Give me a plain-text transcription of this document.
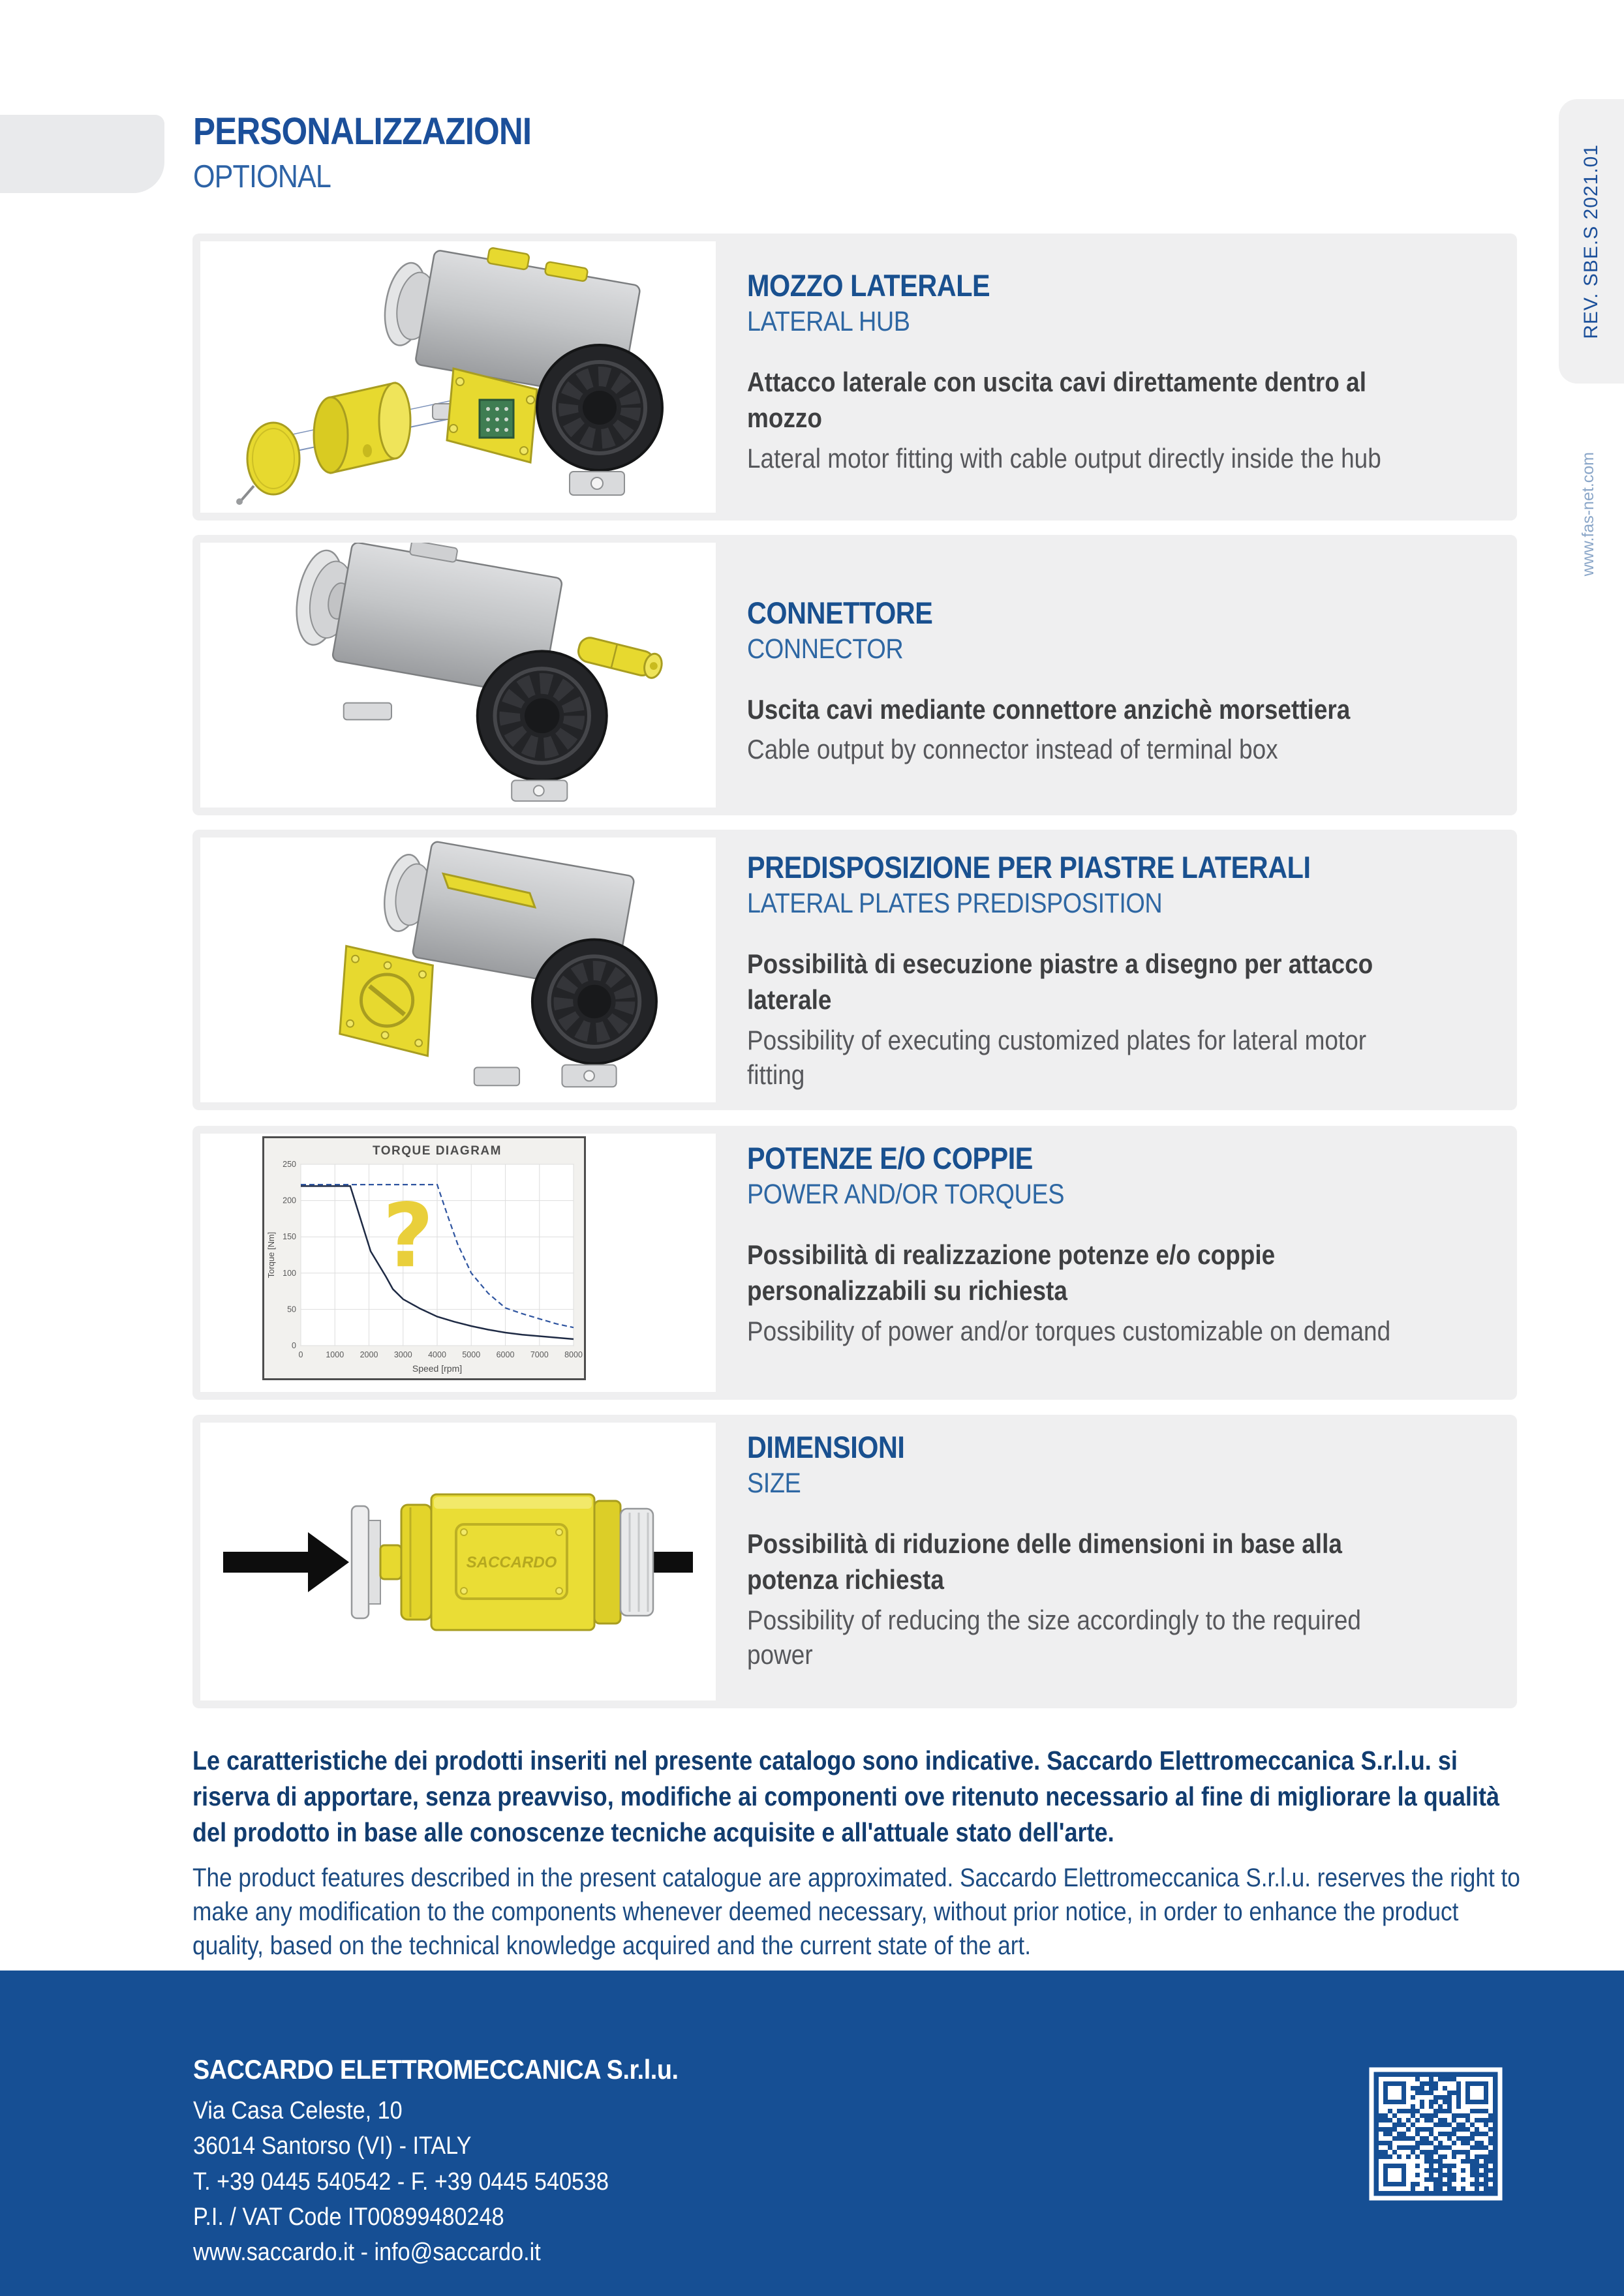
PERSONALIZZAZIONI
OPTIONAL	REV. SBE.S 2021.01
www.fas-net.com
MOZZO LATERALE
LATERAL HUB

Attacco laterale con uscita cavi direttamente dentro al mozzo

Lateral motor fitting with cable output directly inside the hub

CONNETTORE
CONNECTOR

Uscita cavi mediante connettore anzichè morsettiera

Cable output by connector instead of terminal box

PREDISPOSIZIONE PER PIASTRE LATERALI
LATERAL PLATES PREDISPOSITION

Possibilità di esecuzione piastre a disegno per attacco laterale

Possibility of executing customized plates for lateral motor fitting

0	1000 2000 3000 4000 5000 6000 7000 8000
0
50
100
150
200
250
TORQUE DIAGRAM
Speed [rpm]
Torque [Nm] ?
POTENZE E/O COPPIE
POWER AND/OR TORQUES

Possibilità di realizzazione potenze e/o coppie personalizzabili su richiesta

Possibility of power and/or torques customizable on demand

SACCARDO
DIMENSIONI
SIZE

Possibilità di riduzione delle dimensioni in base alla potenza richiesta

Possibility of reducing the size accordingly to the required power

Le caratteristiche dei prodotti inseriti nel presente catalogo sono indicative. Saccardo Elettromeccanica S.r.l.u. si riserva di apportare, senza preavviso, modifiche ai componenti ove ritenuto necessario al fine di migliorare la qualità del prodotto in base alle conoscenze tecniche acquisite e all'attuale stato dell'arte.

The product features described in the present catalogue are approximated. Saccardo Elettromeccanica S.r.l.u. reserves the right to make any modification to the components whenever deemed necessary, without prior notice, in order to enhance the product quality, based on the technical knowledge acquired and the current state of the art.

SACCARDO ELETTROMECCANICA S.r.l.u.
Via Casa Celeste, 10
36014 Santorso (VI) - ITALY
T. +39 0445 540542 - F. +39 0445 540538
P.I. / VAT Code IT00899480248
www.saccardo.it - info@saccardo.it
